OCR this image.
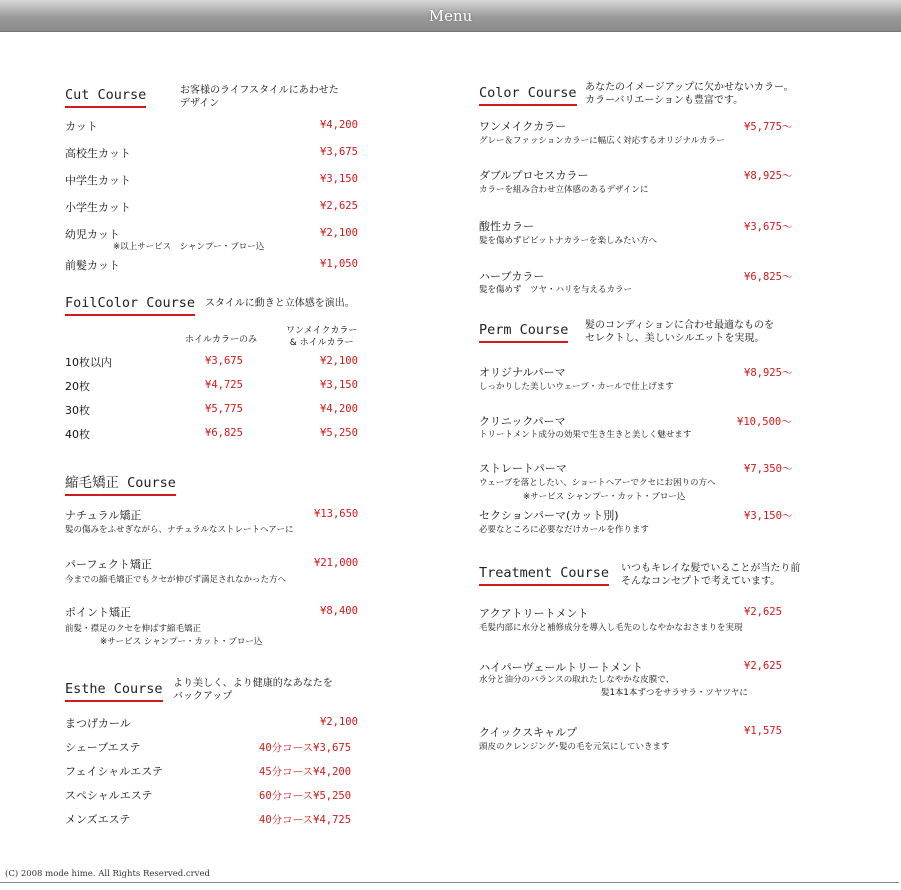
Menu
Cut Course	お客様のライフスタイルにあわせた
デザイン
カット	¥4,200
高校生カット	¥3,675
中学生カット	¥3,150
小学生カット	¥2,625
幼児カット	¥2,100
※以上サービス　シャンプー・ブロー込
前髪カット	¥1,050
FoilColor Course スタイルに動きと立体感を演出。
ホイルカラーのみ
ワンメイクカラー
& ホイルカラー
10枚以内	¥3,675	¥2,100
20枚	¥4,725	¥3,150
30枚	¥5,775	¥4,200
40枚	¥6,825	¥5,250
縮毛矯正 Course
ナチュラル矯正	¥13,650
髪の傷みをふせぎながら、ナチュラルなストレートヘアーに
パーフェクト矯正	¥21,000
今までの縮毛矯正でもクセが伸びず満足されなかった方へ
ポイント矯正	¥8,400
前髪・襟足のクセを伸ばす縮毛矯正
※サービス シャンプー・カット・ブロー込
Esthe Course より美しく、より健康的なあなたを
バックアップ
まつげカール	¥2,100
シェーブエステ	40分コース¥3,675
フェイシャルエステ	45分コース¥4,200
スペシャルエステ	60分コース¥5,250
メンズエステ	40分コース¥4,725
Color Course あなたのイメージアップに欠かせないカラー。
カラーバリエーションも豊富です。
ワンメイクカラー	¥5,775～
グレー＆ファッションカラーに幅広く対応するオリジナルカラー
ダブルプロセスカラー	¥8,925～
カラーを組み合わせ立体感のあるデザインに
酸性カラー	¥3,675～
髪を傷めずビビットナカラーを楽しみたい方へ
ハーブカラー	¥6,825～
髪を傷めず　ツヤ・ハリを与えるカラー
Perm Course 髪のコンディションに合わせ最適なものを
セレクトし、美しいシルエットを実現。
オリジナルパーマ	¥8,925～
しっかりした美しいウェーブ・カールで仕上げます
クリニックパーマ	¥10,500～
トリートメント成分の効果で生き生きと美しく魅せます
ストレートパーマ	¥7,350～
ウェーブを落としたい、ショートヘアーでクセにお困りの方へ
※サービス シャンプー・カット・ブロー込
セクションパーマ(カット別)	¥3,150～
必要なところに必要なだけカールを作ります
Treatment Course いつもキレイな髪でいることが当たり前
そんなコンセプトで考えています。
アクアトリートメント	¥2,625
毛髪内部に水分と補修成分を導入し毛先のしなやかなおさまりを実現
ハイパーヴェールトリートメント	¥2,625
水分と油分のバランスの取れたしなやかな皮膜で、
髪1本1本ずつをサラサラ・ツヤツヤに
クイックスキャルプ	¥1,575
頭皮のクレンジング･髪の毛を元気にしていきます
(C) 2008 mode hime. All Rights Reserved.crved
